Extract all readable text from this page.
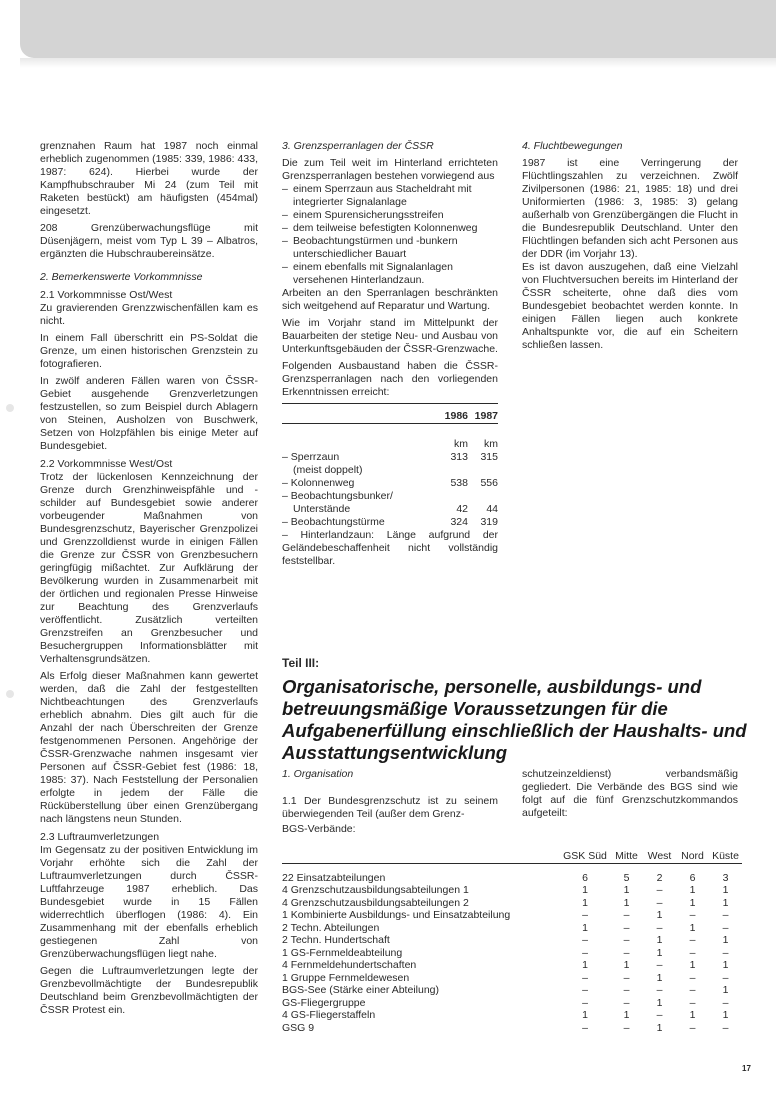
grenznahen Raum hat 1987 noch einmal erheblich zugenommen (1985: 339, 1986: 433, 1987: 624). Hierbei wurde der Kampfhubschrauber Mi 24 (zum Teil mit Raketen bestückt) am häufigsten (454mal) eingesetzt.

208 Grenzüberwachungsflüge mit Düsenjägern, meist vom Typ L 39 – Albatros, ergänzten die Hubschraubereinsätze.

2. Bemerkenswerte Vorkommnisse
2.1 Vorkommnisse Ost/West

Zu gravierenden Grenzzwischenfällen kam es nicht.

In einem Fall überschritt ein PS-Soldat die Grenze, um einen historischen Grenzstein zu fotografieren.

In zwölf anderen Fällen waren von ČSSR-Gebiet ausgehende Grenzverletzungen festzustellen, so zum Beispiel durch Ablagern von Steinen, Ausholzen von Buschwerk, Setzen von Holzpfählen bis einige Meter auf Bundesgebiet.

2.2 Vorkommnisse West/Ost

Trotz der lückenlosen Kennzeichnung der Grenze durch Grenzhinweispfähle und -schilder auf Bundesgebiet sowie anderer vorbeugender Maßnahmen von Bundesgrenzschutz, Bayerischer Grenzpolizei und Grenzzolldienst wurde in einigen Fällen die Grenze zur ČSSR von Grenzbesuchern geringfügig mißachtet. Zur Aufklärung der Bevölkerung wurden in Zusammenarbeit mit der örtlichen und regionalen Presse Hinweise zur Beachtung des Grenzverlaufs veröffentlicht. Zusätzlich verteilten Grenzstreifen an Grenzbesucher und Besuchergruppen Informationsblätter mit Verhaltensgrundsätzen.

Als Erfolg dieser Maßnahmen kann gewertet werden, daß die Zahl der festgestellten Nichtbeachtungen des Grenzverlaufs erheblich abnahm. Dies gilt auch für die Anzahl der nach Überschreiten der Grenze festgenommenen Personen. Angehörige der ČSSR-Grenzwache nahmen insgesamt vier Personen auf ČSSR-Gebiet fest (1986: 18, 1985: 37). Nach Feststellung der Personalien erfolgte in jedem der Fälle die Rücküberstellung über einen Grenzübergang nach längstens neun Stunden.

2.3 Luftraumverletzungen

Im Gegensatz zu der positiven Entwicklung im Vorjahr erhöhte sich die Zahl der Luftraumverletzungen durch ČSSR-Luftfahrzeuge 1987 erheblich. Das Bundesgebiet wurde in 15 Fällen widerrechtlich überflogen (1986: 4). Ein Zusammenhang mit der ebenfalls erheblich gestiegenen Zahl von Grenzüberwachungsflügen liegt nahe.

Gegen die Luftraumverletzungen legte der Grenzbevollmächtigte der Bundesrepublik Deutschland beim Grenzbevollmächtigten der ČSSR Protest ein.

3. Grenzsperranlagen der ČSSR

Die zum Teil weit im Hinterland errichteten Grenzsperranlagen bestehen vorwiegend aus

– einem Sperrzaun aus Stacheldraht mit integrierter Signalanlage
– einem Spurensicherungsstreifen
– dem teilweise befestigten Kolonnenweg
– Beobachtungstürmen und -bunkern unterschiedlicher Bauart
– einem ebenfalls mit Signalanlagen versehenen Hinterlandzaun.

Arbeiten an den Sperranlagen beschränkten sich weitgehend auf Reparatur und Wartung.

Wie im Vorjahr stand im Mittelpunkt der Bauarbeiten der stetige Neu- und Ausbau von Unterkunftsgebäuden der ČSSR-Grenzwache.

Folgenden Ausbaustand haben die ČSSR-Grenzsperranlagen nach den vorliegenden Erkenntnissen erreicht:

	1986	1987

	km	km
– Sperrzaun	313	315
(meist doppelt)		
– Kolonnenweg	538	556
– Beobachtungsbunker/		
Unterstände	42	44
– Beobachtungstürme	324	319
– Hinterlandzaun: Länge aufgrund der Geländebeschaffenheit nicht vollständig feststellbar.		
4. Fluchtbewegungen

1987 ist eine Verringerung der Flüchtlingszahlen zu verzeichnen. Zwölf Zivilpersonen (1986: 21, 1985: 18) und drei Uniformierten (1986: 3, 1985: 3) gelang außerhalb von Grenzübergängen die Flucht in die Bundesrepublik Deutschland. Unter den Flüchtlingen befanden sich acht Personen aus der DDR (im Vorjahr 13).

Es ist davon auszugehen, daß eine Vielzahl von Fluchtversuchen bereits im Hinterland der ČSSR scheiterte, ohne daß dies vom Bundesgebiet beobachtet werden konnte. In einigen Fällen liegen auch konkrete Anhaltspunkte vor, die auf ein Scheitern schließen lassen.

Teil III:
Organisatorische, personelle, ausbildungs- und betreuungsmäßige Voraussetzungen für die Aufgabenerfüllung einschließlich der Haushalts- und Ausstattungsentwicklung
1. Organisation

1.1 Der Bundesgrenzschutz ist zu seinem überwiegenden Teil (außer dem Grenz-

BGS-Verbände:

schutzeinzeldienst) verbandsmäßig gegliedert. Die Verbände des BGS sind wie folgt auf die fünf Grenzschutzkommandos aufgeteilt:

	GSK Süd	Mitte	West	Nord	Küste

22 Einsatzabteilungen	6	5	2	6	3
4 Grenzschutzausbildungsabteilungen 1	1	1	–	1	1
4 Grenzschutzausbildungsabteilungen 2	1	1	–	1	1
1 Kombinierte Ausbildungs- und Einsatzabteilung	–	–	1	–	–
2 Techn. Abteilungen	1	–	–	1	–
2 Techn. Hundertschaft	–	–	1	–	1
1 GS-Fernmeldeabteilung	–	–	1	–	–
4 Fernmeldehundertschaften	1	1	–	1	1
1 Gruppe Fernmeldewesen	–	–	1	–	–
BGS-See (Stärke einer Abteilung)	–	–	–	–	1
GS-Fliegergruppe	–	–	1	–	–
4 GS-Fliegerstaffeln	1	1	–	1	1
GSG 9	–	–	1	–	–
17
